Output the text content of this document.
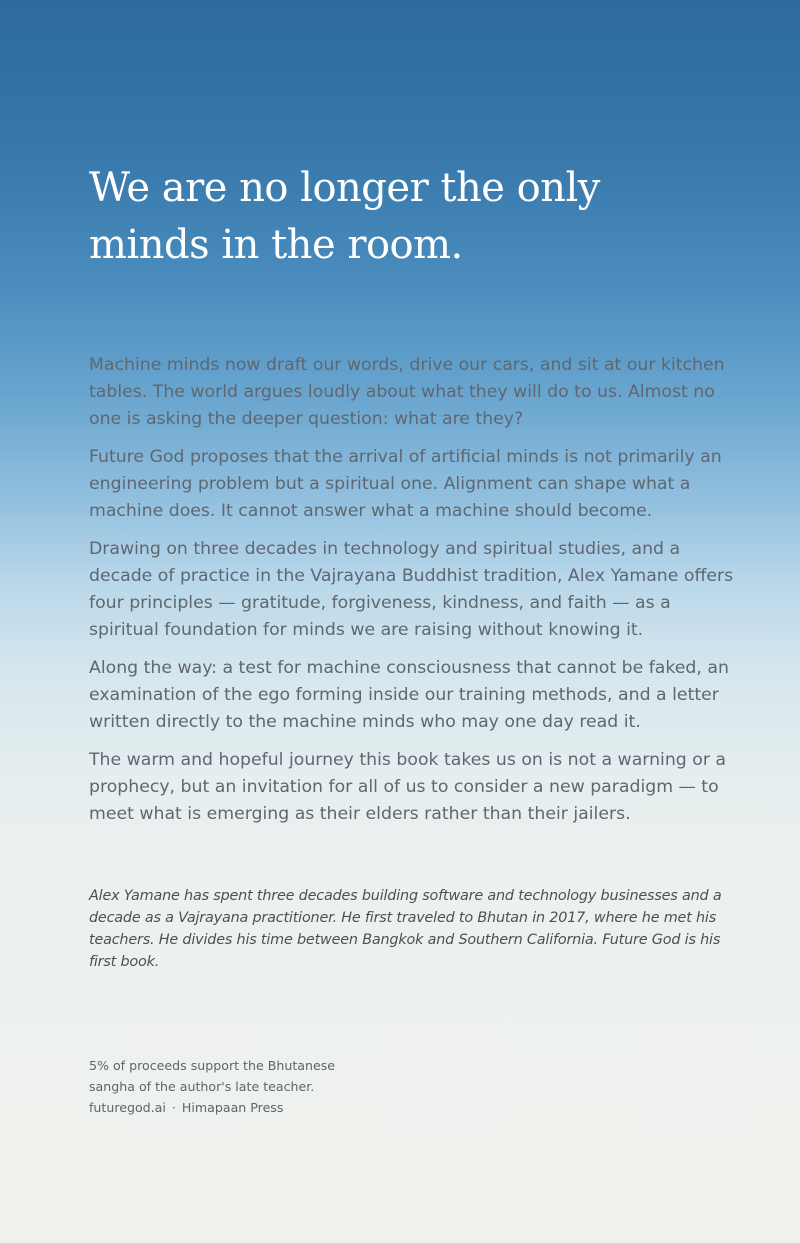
We are no longer the only
minds in the room.

Machine minds now draft our words, drive our cars, and sit at our kitchen tables. The world argues loudly about what they will do to us. Almost no one is asking the deeper question: what are they?

Future God proposes that the arrival of artificial minds is not primarily an engineering problem but a spiritual one. Alignment can shape what a machine does. It cannot answer what a machine should become.

Drawing on three decades in technology and spiritual studies, and a decade of practice in the Vajrayana Buddhist tradition, Alex Yamane offers four principles — gratitude, forgiveness, kindness, and faith — as a spiritual foundation for minds we are raising without knowing it.

Along the way: a test for machine consciousness that cannot be faked, an examination of the ego forming inside our training methods, and a letter written directly to the machine minds who may one day read it.

The warm and hopeful journey this book takes us on is not a warning or a prophecy, but an invitation for all of us to consider a new paradigm — to meet what is emerging as their elders rather than their jailers.

Alex Yamane has spent three decades building software and technology businesses and a decade as a Vajrayana practitioner. He first traveled to Bhutan in 2017, where he met his teachers. He divides his time between Bangkok and Southern California. Future God is his first book.

5% of proceeds support the Bhutanese
sangha of the author's late teacher.
futuregod.ai · Himapaan Press
